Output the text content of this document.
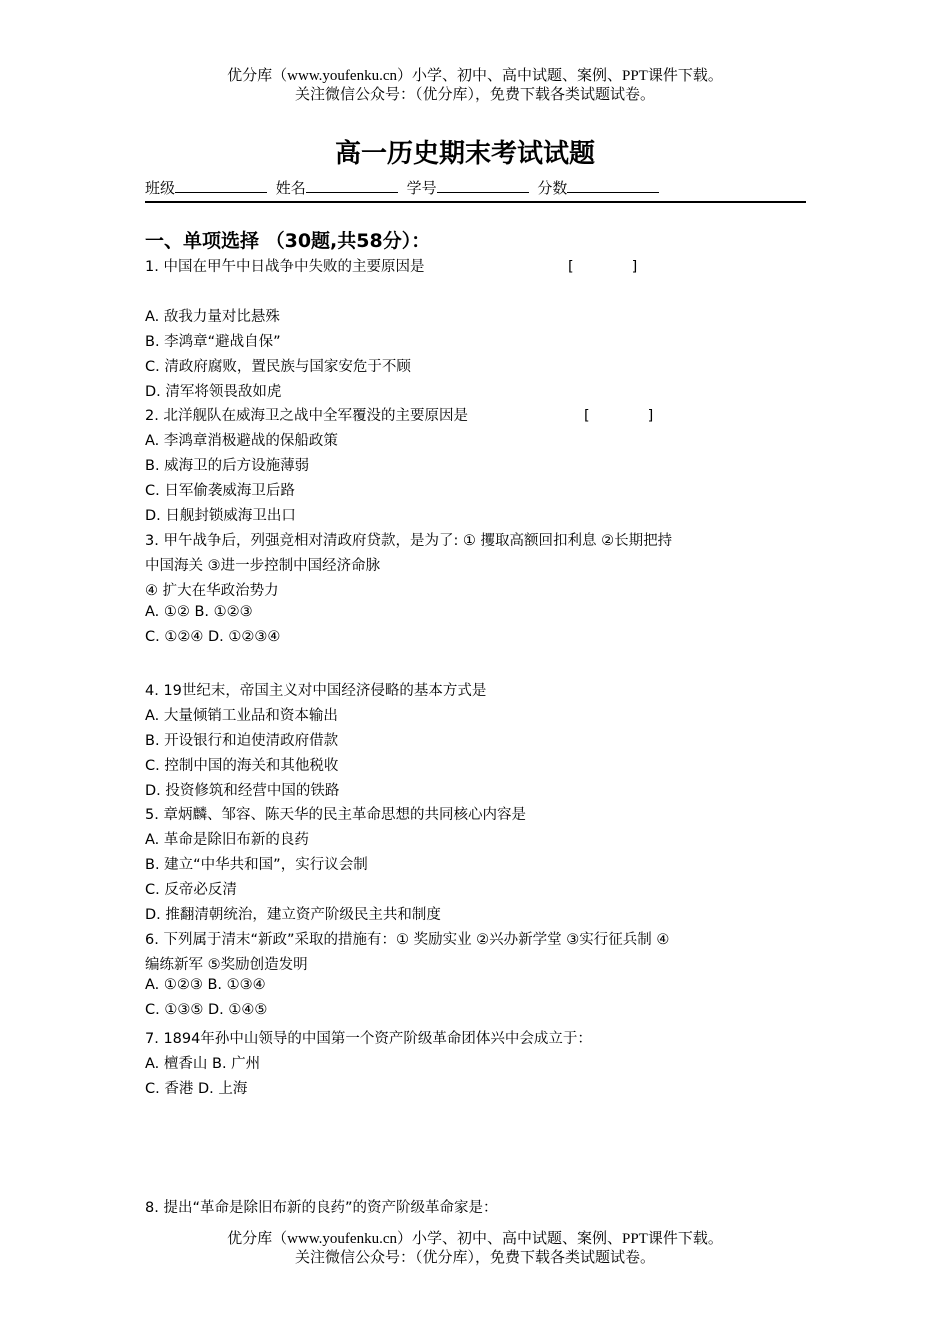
优分库（www.youfenku.cn）小学、初中、高中试题、案例、PPT课件下载。
关注微信公众号：（优分库），免费下载各类试题试卷。
高一历史期末考试试题
班级	姓名	学号	分数
一、单项选择 （30题,共58分）：
1. 中国在甲午中日战争中失败的主要原因是	[　　　　]
A. 敌我力量对比悬殊
B. 李鸿章“避战自保”
C. 清政府腐败，置民族与国家安危于不顾
D. 清军将领畏敌如虎
2. 北洋舰队在威海卫之战中全军覆没的主要原因是	[　　　　]
A. 李鸿章消极避战的保船政策
B. 威海卫的后方设施薄弱
C. 日军偷袭威海卫后路
D. 日舰封锁威海卫出口
3. 甲午战争后，列强竞相对清政府贷款，是为了: ① 攫取高额回扣利息 ②长期把持
中国海关 ③进一步控制中国经济命脉
④ 扩大在华政治势力
A. ①② B. ①②③
C. ①②④ D. ①②③④
4. 19世纪末，帝国主义对中国经济侵略的基本方式是
A. 大量倾销工业品和资本输出
B. 开设银行和迫使清政府借款
C. 控制中国的海关和其他税收
D. 投资修筑和经营中国的铁路
5. 章炳麟、邹容、陈天华的民主革命思想的共同核心内容是
A. 革命是除旧布新的良药
B. 建立“中华共和国”，实行议会制
C. 反帝必反清
D. 推翻清朝统治，建立资产阶级民主共和制度
6. 下列属于清末“新政”采取的措施有：① 奖励实业 ②兴办新学堂 ③实行征兵制 ④
编练新军 ⑤奖励创造发明
A. ①②③ B. ①③④
C. ①③⑤ D. ①④⑤
7. 1894年孙中山领导的中国第一个资产阶级革命团体兴中会成立于：
A. 檀香山 B. 广州
C. 香港 D. 上海
8. 提出“革命是除旧布新的良药”的资产阶级革命家是：
优分库（www.youfenku.cn）小学、初中、高中试题、案例、PPT课件下载。
关注微信公众号：（优分库），免费下载各类试题试卷。
